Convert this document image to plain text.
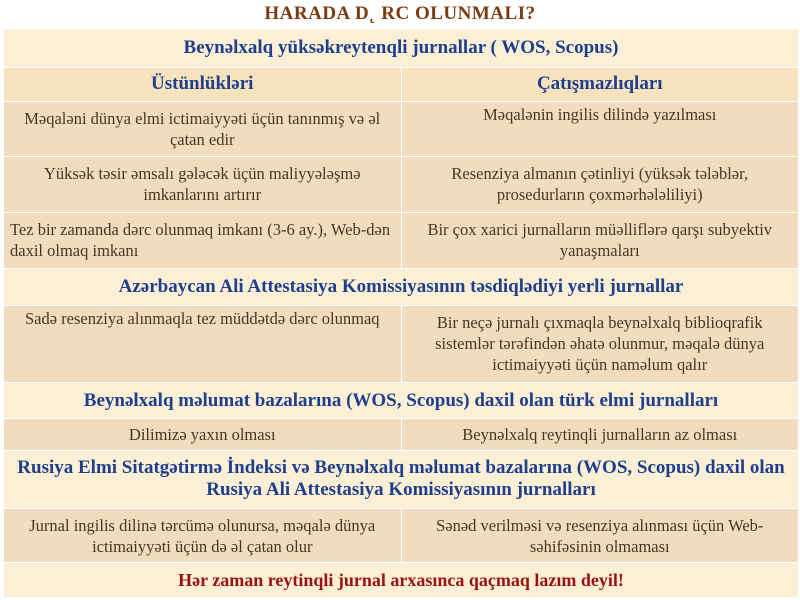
HARADA D˛ RC OLUNMALI?
Beynəlxalq yüksəkreytenqli jurnallar ( WOS, Scopus)	
Üstünlükləri	Çatışmazlıqları
Məqaləni dünya elmi ictimaiyyəti üçün tanınmış və əl çatan edir	Məqalənin ingilis dilində yazılması
Yüksək təsir əmsalı gələcək üçün maliyyələşmə imkanlarını artırır	Resenziya almanın çətinliyi (yüksək tələblər, prosedurların çoxmərhələliliyi)
Tez bir zamanda dərc olunmaq imkanı (3-6 ay.), Web-dən daxil olmaq imkanı	Bir çox xarici jurnalların müəlliflərə qarşı subyektiv yanaşmaları
Azərbaycan Ali Attestasiya Komissiyasının təsdiqlədiyi yerli jurnallar	
Sadə resenziya alınmaqla tez müddətdə dərc olunmaq	Bir neçə jurnalı çıxmaqla beynəlxalq biblioqrafik sistemlər tərəfindən əhatə olunmur, məqalə dünya ictimaiyyəti üçün naməlum qalır
Beynəlxalq məlumat bazalarına (WOS, Scopus) daxil olan türk elmi jurnalları	
Dilimizə yaxın olması	Beynəlxalq reytinqli jurnalların az olması
Rusiya Elmi Sitatgətirmə İndeksi və Beynəlxalq məlumat bazalarına (WOS, Scopus) daxil olan Rusiya Ali Attestasiya Komissiyasının jurnalları	
Jurnal ingilis dilinə tərcümə olunursa, məqalə dünya ictimaiyyəti üçün də əl çatan olur	Sənəd verilməsi və resenziya alınması üçün Web-səhifəsinin olmaması
Hər zaman reytinqli jurnal arxasınca qaçmaq lazım deyil!	
